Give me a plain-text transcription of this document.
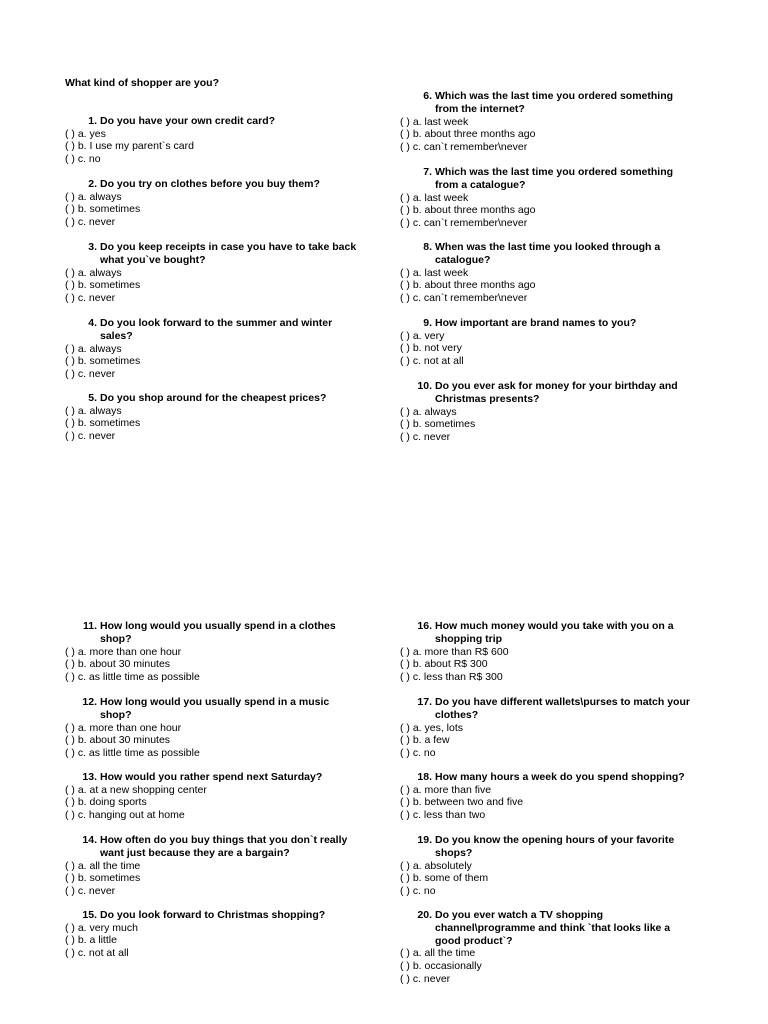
What kind of shopper are you?
1. Do you have your own credit card?
( ) a. yes
( ) b. I use my parent`s card
( ) c. no
2. Do you try on clothes before you buy them?
( ) a. always
( ) b. sometimes
( ) c. never
3. Do you keep receipts in case you have to take back what you`ve bought?
( ) a. always
( ) b. sometimes
( ) c. never
4. Do you look forward to the summer and winter sales?
( ) a. always
( ) b. sometimes
( ) c. never
5. Do you shop around for the cheapest prices?
( ) a. always
( ) b. sometimes
( ) c. never
6. Which was the last time you ordered something from the internet?
( ) a. last week
( ) b. about three months ago
( ) c. can`t remember\never
7. Which was the last time you ordered something from a catalogue?
( ) a. last week
( ) b. about three months ago
( ) c. can`t remember\never
8. When was the last time you looked through a catalogue?
( ) a. last week
( ) b. about three months ago
( ) c. can`t remember\never
9. How important are brand names to you?
( ) a. very
( ) b. not very
( ) c. not at all
10. Do you ever ask for money for your birthday and Christmas presents?
( ) a. always
( ) b. sometimes
( ) c. never
11. How long would you usually spend in a clothes shop?
( ) a. more than one hour
( ) b. about 30 minutes
( ) c. as little time as possible
12. How long would you usually spend in a music shop?
( ) a. more than one hour
( ) b. about 30 minutes
( ) c. as little time as possible
13. How would you rather spend next Saturday?
( ) a. at a new shopping center
( ) b. doing sports
( ) c. hanging out at home
14. How often do you buy things that you don`t really want just because they are a bargain?
( ) a. all the time
( ) b. sometimes
( ) c. never
15. Do you look forward to Christmas shopping?
( ) a. very much
( ) b. a little
( ) c. not at all
16. How much money would you take with you on a shopping trip
( ) a. more than R$ 600
( ) b. about R$ 300
( ) c. less than R$ 300
17. Do you have different wallets\purses to match your clothes?
( ) a. yes, lots
( ) b. a few
( ) c. no
18. How many hours a week do you spend shopping?
( ) a. more than five
( ) b. between two and five
( ) c. less than two
19. Do you know the opening hours of your favorite shops?
( ) a. absolutely
( ) b. some of them
( ) c. no
20. Do you ever watch a TV shopping channel\programme and think `that looks like a good product`?
( ) a. all the time
( ) b. occasionally
( ) c. never
